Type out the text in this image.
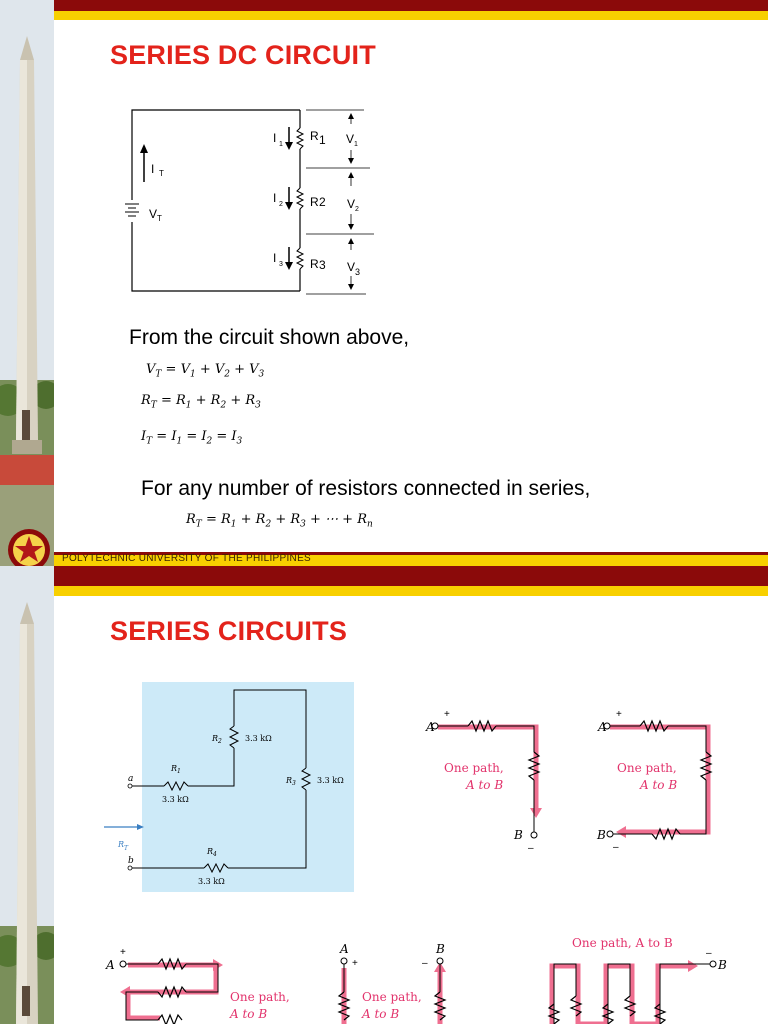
SERIES DC CIRCUIT
I T
V T
I 1
I 2
I 3
R 1
R 2
R 3
V 1
V 2
V 3
From the circuit shown above,
$V_T = V_1 + V_2 + V_3$
$R_T = R_1 + R_2 + R_3$
$I_T = I_1 = I_2 = I_3$
For any number of resistors connected in series,
$R_T = R_1 + R_2 + R_3$ + ⋯ + $R_n$
POLYTECHNIC UNIVERSITY OF THE PHILIPPINES
SERIES CIRCUITS
a
b
R T
R 1
3.3 kΩ
R 2	3.3 kΩ
R 3	3.3 kΩ
R 4
3.3 kΩ
A
+
B
–
One path,
A to B
A
+
B
–
One path,
A to B
A
+
One path,
A to B
A	B
+	–
One path,
A to B
One path, A to B
B
–
